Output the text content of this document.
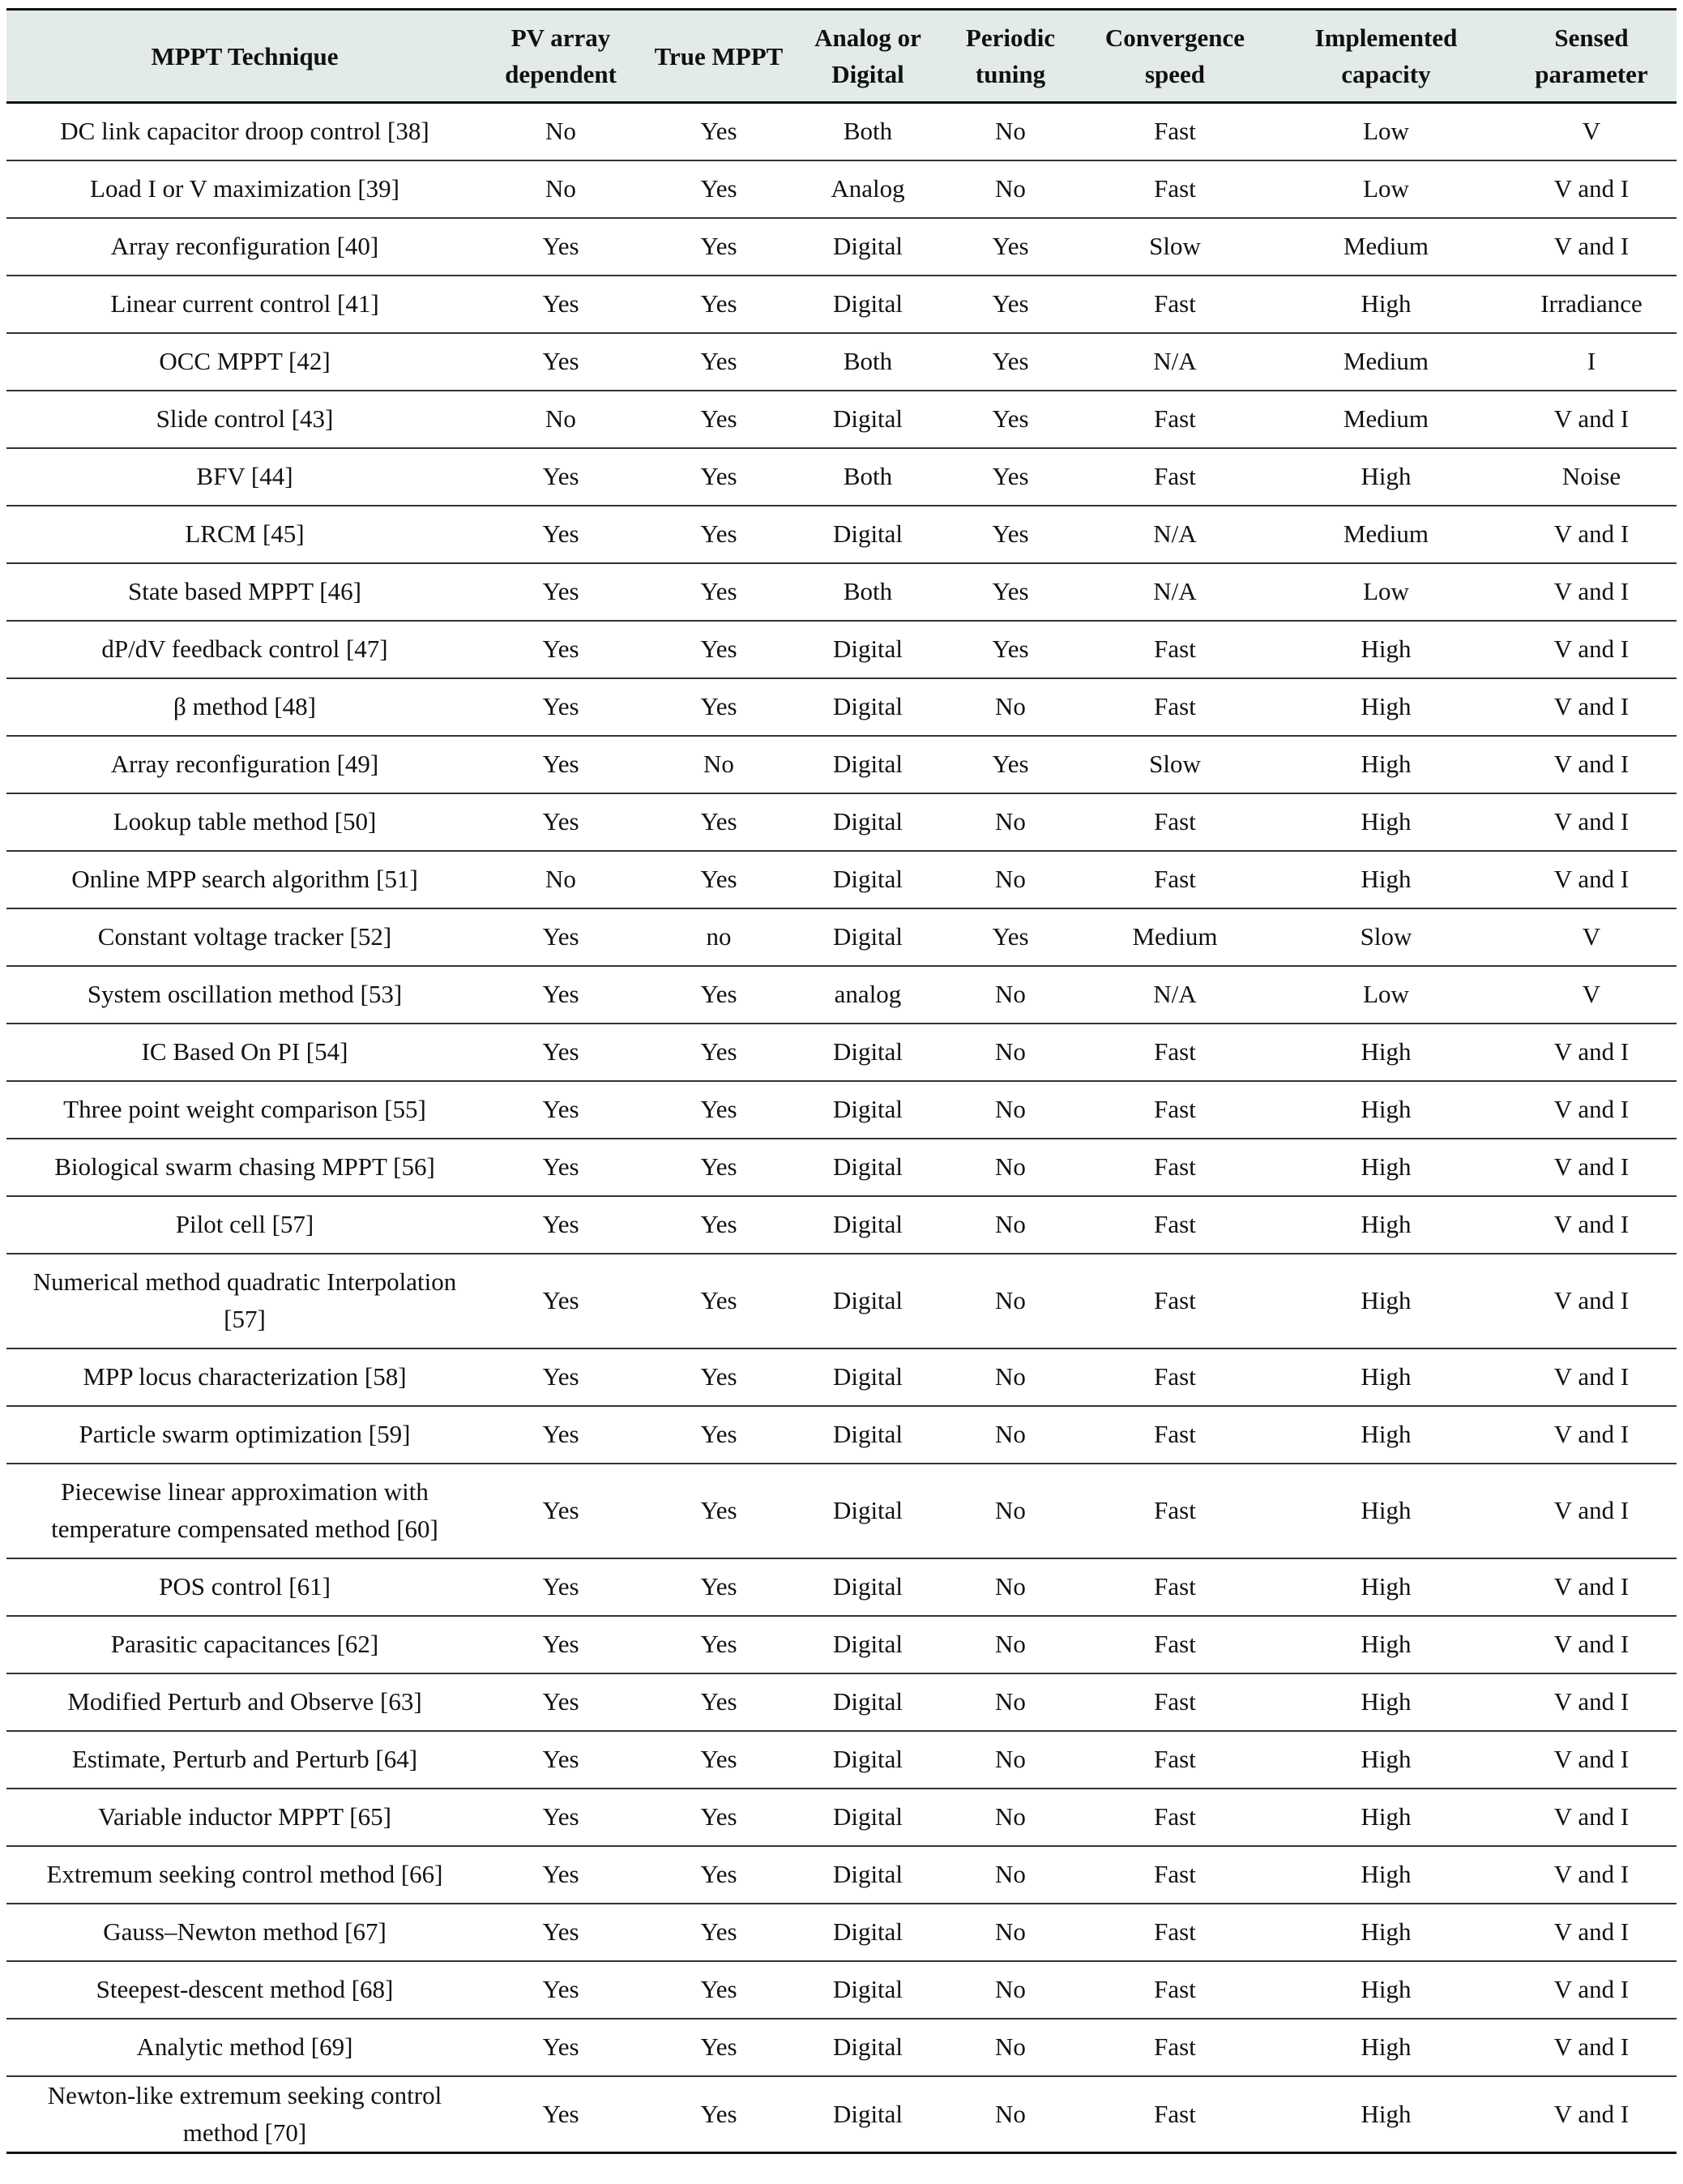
MPPT Technique	PV array dependent	True MPPT	Analog or Digital	Periodic tuning	Convergence speed	Implemented capacity	Sensed parameter
DC link capacitor droop control [38]	No	Yes	Both	No	Fast	Low	V
Load I or V maximization [39]	No	Yes	Analog	No	Fast	Low	V and I
Array reconfiguration [40]	Yes	Yes	Digital	Yes	Slow	Medium	V and I
Linear current control [41]	Yes	Yes	Digital	Yes	Fast	High	Irradiance
OCC MPPT [42]	Yes	Yes	Both	Yes	N/A	Medium	I
Slide control [43]	No	Yes	Digital	Yes	Fast	Medium	V and I
BFV [44]	Yes	Yes	Both	Yes	Fast	High	Noise
LRCM [45]	Yes	Yes	Digital	Yes	N/A	Medium	V and I
State based MPPT [46]	Yes	Yes	Both	Yes	N/A	Low	V and I
dP/dV feedback control [47]	Yes	Yes	Digital	Yes	Fast	High	V and I
β method [48]	Yes	Yes	Digital	No	Fast	High	V and I
Array reconfiguration [49]	Yes	No	Digital	Yes	Slow	High	V and I
Lookup table method [50]	Yes	Yes	Digital	No	Fast	High	V and I
Online MPP search algorithm [51]	No	Yes	Digital	No	Fast	High	V and I
Constant voltage tracker [52]	Yes	no	Digital	Yes	Medium	Slow	V
System oscillation method [53]	Yes	Yes	analog	No	N/A	Low	V
IC Based On PI [54]	Yes	Yes	Digital	No	Fast	High	V and I
Three point weight comparison [55]	Yes	Yes	Digital	No	Fast	High	V and I
Biological swarm chasing MPPT [56]	Yes	Yes	Digital	No	Fast	High	V and I
Pilot cell [57]	Yes	Yes	Digital	No	Fast	High	V and I
Numerical method quadratic Interpolation [57]	Yes	Yes	Digital	No	Fast	High	V and I
MPP locus characterization [58]	Yes	Yes	Digital	No	Fast	High	V and I
Particle swarm optimization [59]	Yes	Yes	Digital	No	Fast	High	V and I
Piecewise linear approximation with temperature compensated method [60]	Yes	Yes	Digital	No	Fast	High	V and I
POS control [61]	Yes	Yes	Digital	No	Fast	High	V and I
Parasitic capacitances [62]	Yes	Yes	Digital	No	Fast	High	V and I
Modified Perturb and Observe [63]	Yes	Yes	Digital	No	Fast	High	V and I
Estimate, Perturb and Perturb [64]	Yes	Yes	Digital	No	Fast	High	V and I
Variable inductor MPPT [65]	Yes	Yes	Digital	No	Fast	High	V and I
Extremum seeking control method [66]	Yes	Yes	Digital	No	Fast	High	V and I
Gauss–Newton method [67]	Yes	Yes	Digital	No	Fast	High	V and I
Steepest-descent method [68]	Yes	Yes	Digital	No	Fast	High	V and I
Analytic method [69]	Yes	Yes	Digital	No	Fast	High	V and I
Newton-like extremum seeking control method [70]	Yes	Yes	Digital	No	Fast	High	V and I
